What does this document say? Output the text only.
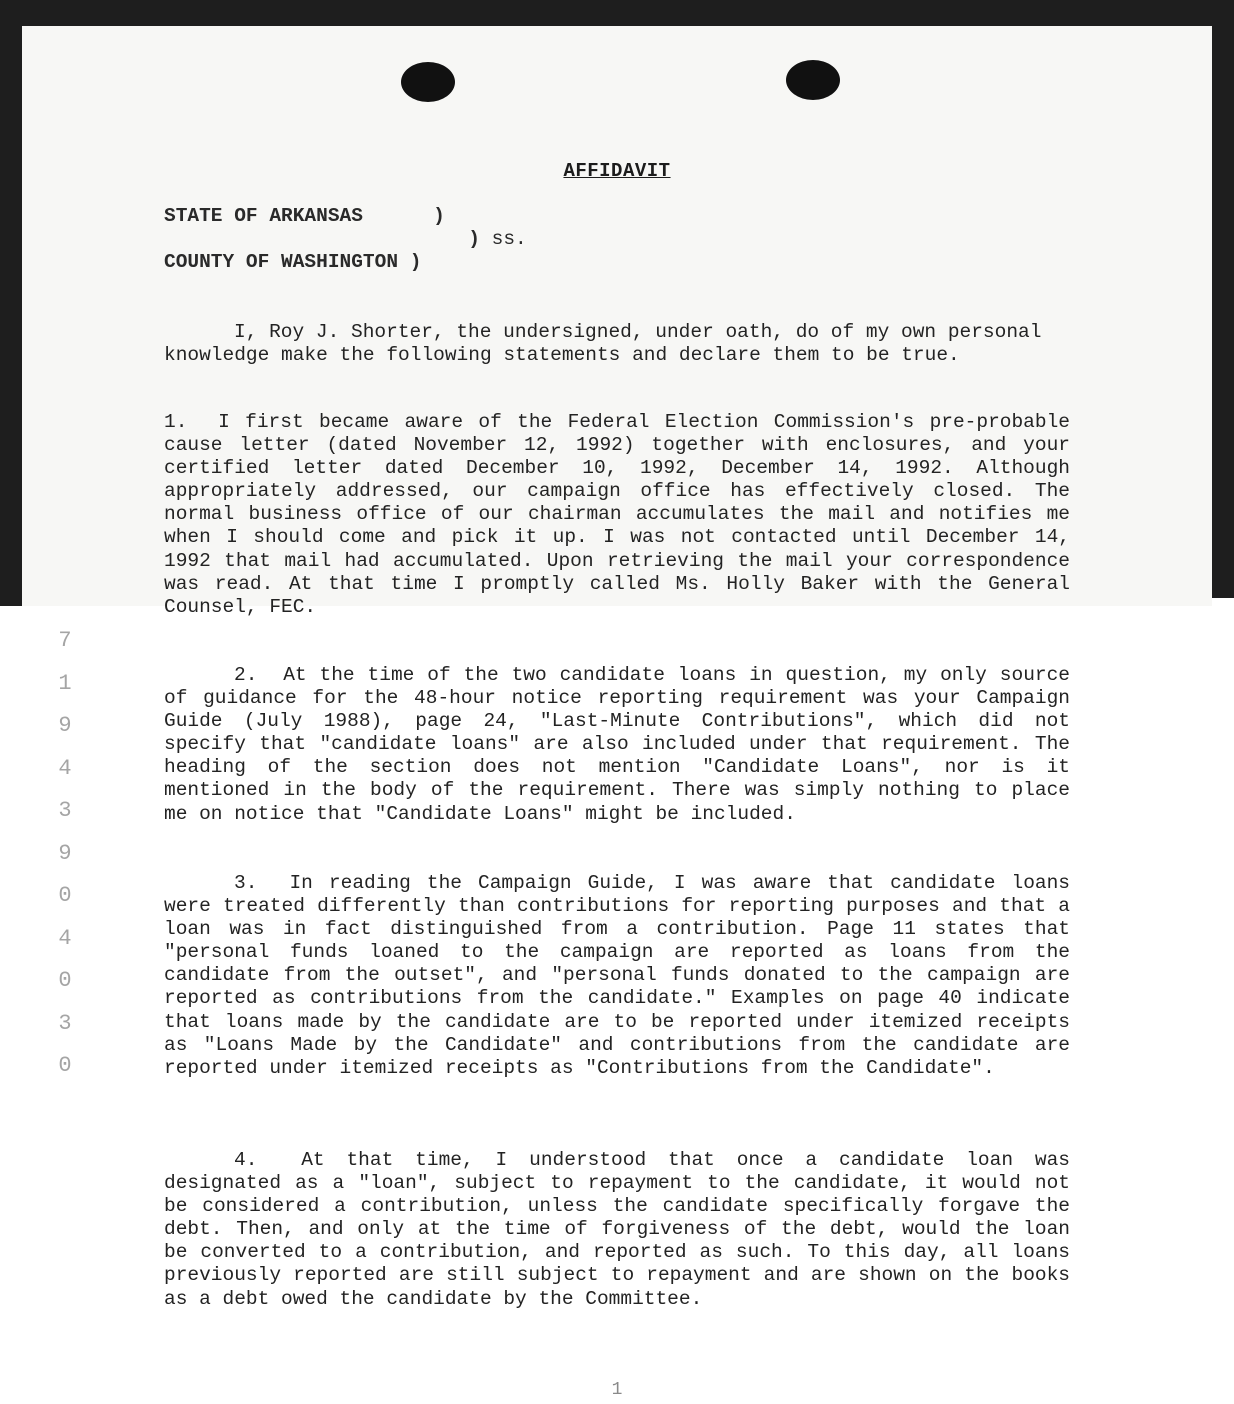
AFFIDAVIT
STATE OF ARKANSAS	)
) ss.
COUNTY OF WASHINGTON )
I, Roy J. Shorter, the undersigned, under oath, do of my own personal knowledge make the following statements and declare them to be true.
1. I first became aware of the Federal Election Commission's pre-probable cause letter (dated November 12, 1992) together with enclosures, and your certified letter dated December 10, 1992, December 14, 1992. Although appropriately addressed, our campaign office has effectively closed. The normal business office of our chairman accumulates the mail and notifies me when I should come and pick it up. I was not contacted until December 14, 1992 that mail had accumulated. Upon retrieving the mail your correspondence was read. At that time I promptly called Ms. Holly Baker with the General Counsel, FEC.
2. At the time of the two candidate loans in question, my only source of guidance for the 48-hour notice reporting requirement was your Campaign Guide (July 1988), page 24, "Last-Minute Contributions", which did not specify that "candidate loans" are also included under that requirement. The heading of the section does not mention "Candidate Loans", nor is it mentioned in the body of the requirement. There was simply nothing to place me on notice that "Candidate Loans" might be included.
3. In reading the Campaign Guide, I was aware that candidate loans were treated differently than contributions for reporting purposes and that a loan was in fact distinguished from a contribution. Page 11 states that "personal funds loaned to the campaign are reported as loans from the candidate from the outset", and "personal funds donated to the campaign are reported as contributions from the candidate." Examples on page 40 indicate that loans made by the candidate are to be reported under itemized receipts as "Loans Made by the Candidate" and contributions from the candidate are reported under itemized receipts as "Contributions from the Candidate".
4. At that time, I understood that once a candidate loan was designated as a "loan", subject to repayment to the candidate, it would not be considered a contribution, unless the candidate specifically forgave the debt. Then, and only at the time of forgiveness of the debt, would the loan be converted to a contribution, and reported as such. To this day, all loans previously reported are still subject to repayment and are shown on the books as a debt owed the candidate by the Committee.
7 1 9 4 3 9 0 4 0 3 0
1
